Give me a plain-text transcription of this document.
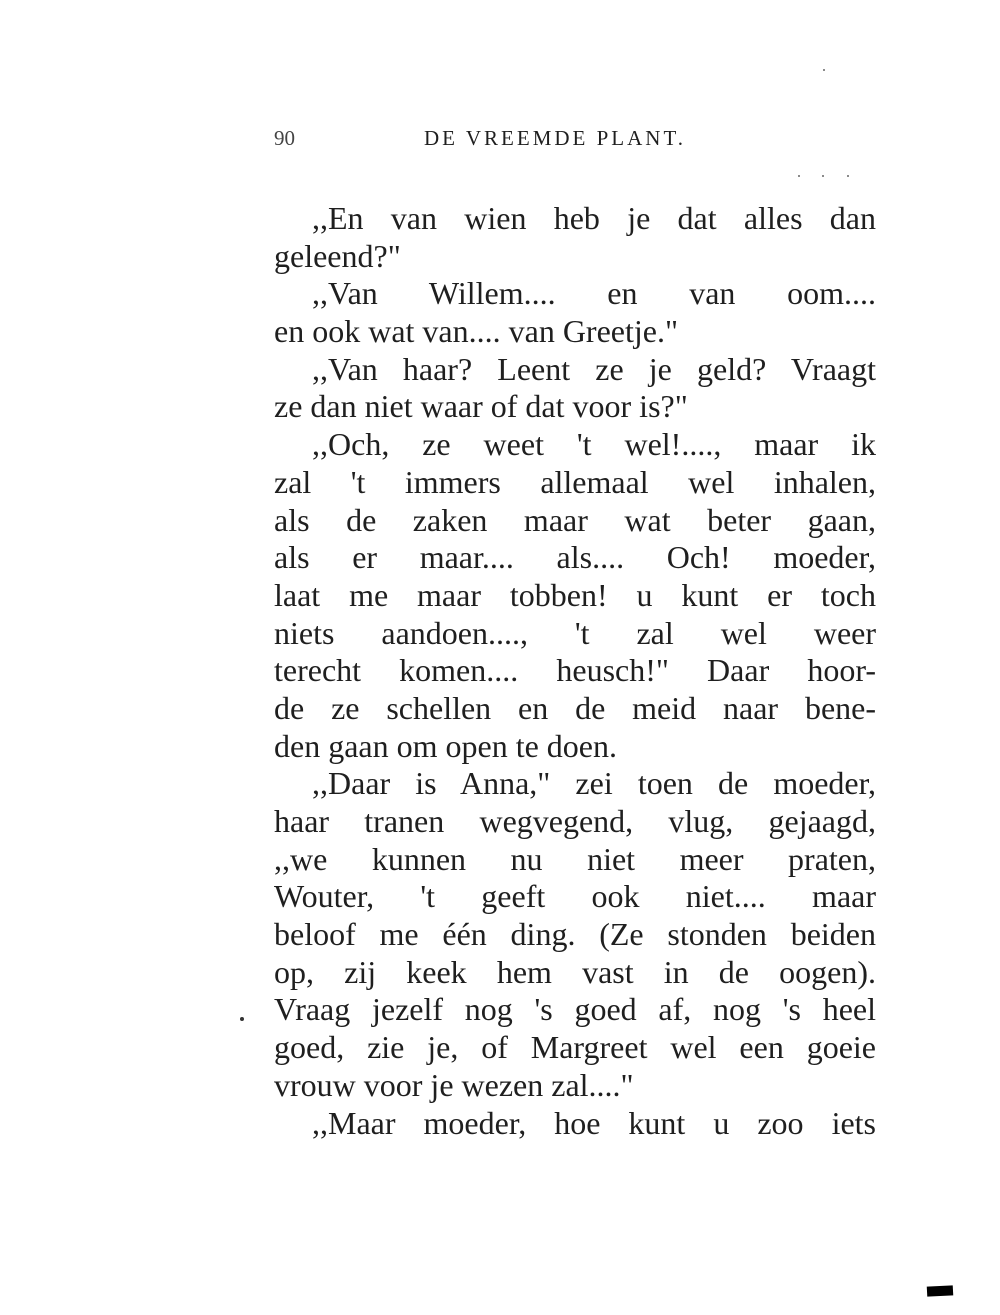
90	DE VREEMDE PLANT.
,,En van wien heb je dat alles dan
geleend?"
,,Van Willem.... en van oom....
en ook wat van.... van Greetje."
,,Van haar? Leent ze je geld? Vraagt
ze dan niet waar of dat voor is?"
,,Och, ze weet 't wel!...., maar ik
zal 't immers allemaal wel inhalen,
als de zaken maar wat beter gaan,
als er maar.... als.... Och! moeder,
laat me maar tobben! u kunt er toch
niets aandoen...., 't zal wel weer
terecht komen.... heusch!" Daar hoor-
de ze schellen en de meid naar bene-
den gaan om open te doen.
,,Daar is Anna," zei toen de moeder,
haar tranen wegvegend, vlug, gejaagd,
,,we kunnen nu niet meer praten,
Wouter, 't geeft ook niet.... maar
beloof me één ding. (Ze stonden beiden
op, zij keek hem vast in de oogen).
Vraag jezelf nog 's goed af, nog 's heel
goed, zie je, of Margreet wel een goeie
vrouw voor je wezen zal...."
,,Maar moeder, hoe kunt u zoo iets
